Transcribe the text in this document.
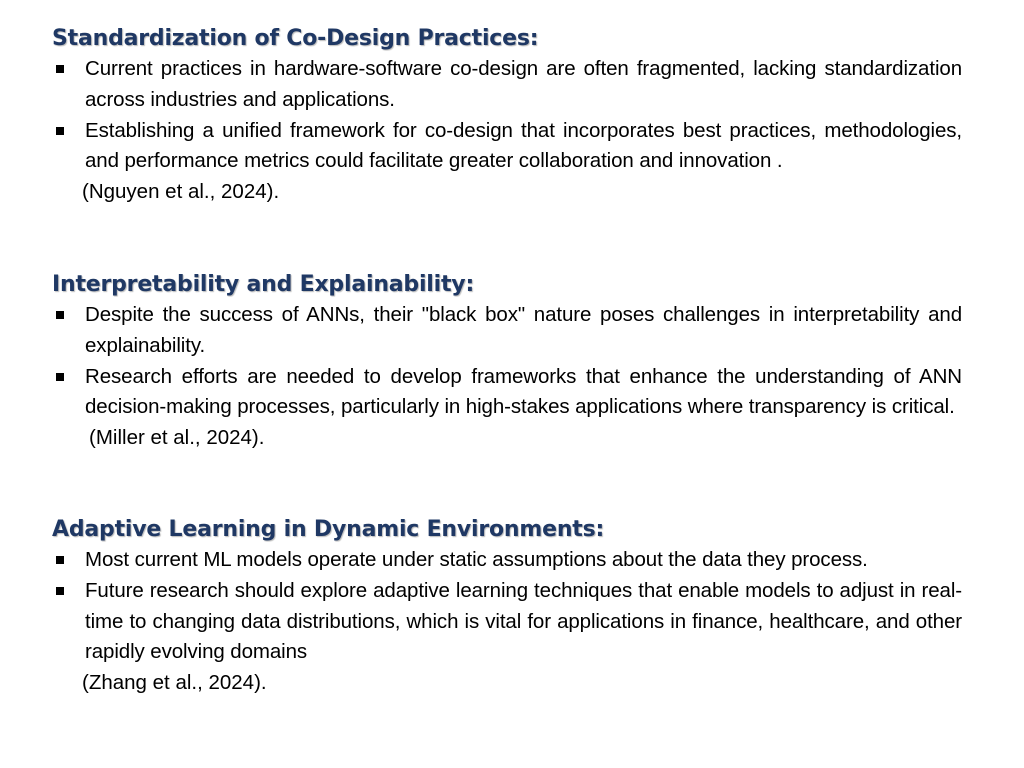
Standardization of Co-Design Practices:
Current practices in hardware-software co-design are often fragmented, lacking standardization across industries and applications.
Establishing a unified framework for co-design that incorporates best practices, methodologies, and performance metrics could facilitate greater collaboration and innovation .
(Nguyen et al., 2024).
Interpretability and Explainability:
Despite the success of ANNs, their "black box" nature poses challenges in interpretability and explainability.
Research efforts are needed to develop frameworks that enhance the understanding of ANN decision-making processes, particularly in high-stakes applications where transparency is critical.
(Miller et al., 2024).
Adaptive Learning in Dynamic Environments:
Most current ML models operate under static assumptions about the data they process.
Future research should explore adaptive learning techniques that enable models to adjust in real-time to changing data distributions, which is vital for applications in finance, healthcare, and other rapidly evolving domains
(Zhang et al., 2024).
